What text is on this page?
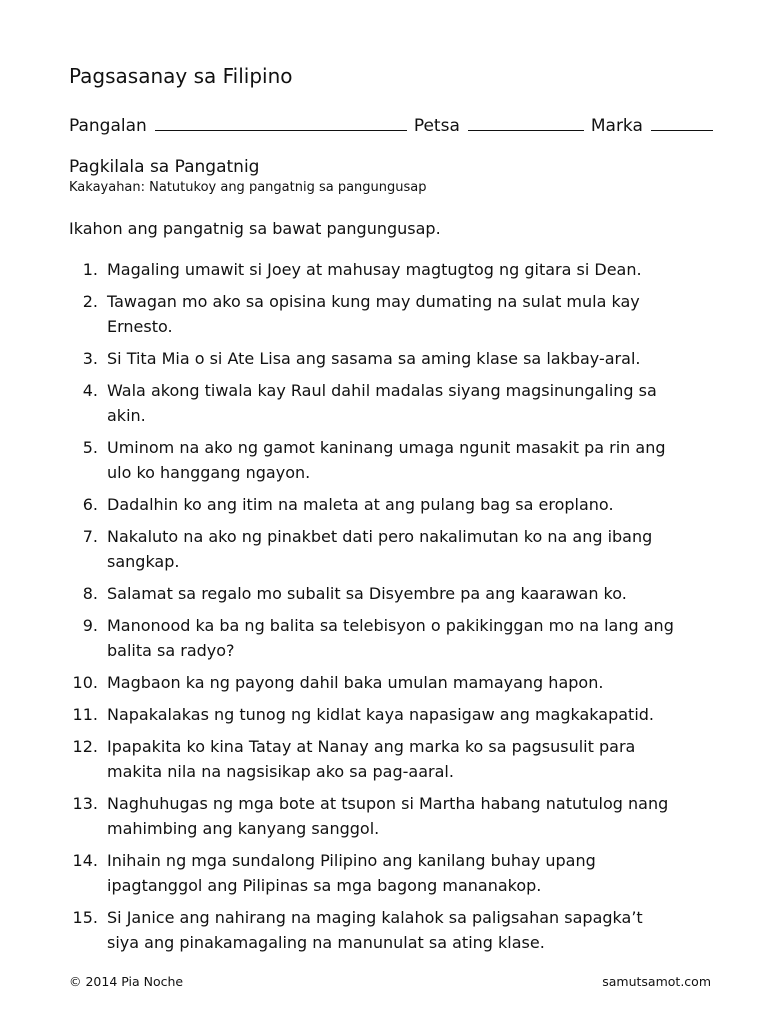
Pagsasanay sa Filipino
Pangalan	Petsa	Marka
Pagkilala sa Pangatnig
Kakayahan: Natutukoy ang pangatnig sa pangungusap
Ikahon ang pangatnig sa bawat pangungusap.
1. Magaling umawit si Joey at mahusay magtugtog ng gitara si Dean.
2. Tawagan mo ako sa opisina kung may dumating na sulat mula kay
Ernesto.
3. Si Tita Mia o si Ate Lisa ang sasama sa aming klase sa lakbay-aral.
4. Wala akong tiwala kay Raul dahil madalas siyang magsinungaling sa
akin.
5. Uminom na ako ng gamot kaninang umaga ngunit masakit pa rin ang
ulo ko hanggang ngayon.
6. Dadalhin ko ang itim na maleta at ang pulang bag sa eroplano.
7. Nakaluto na ako ng pinakbet dati pero nakalimutan ko na ang ibang
sangkap.
8. Salamat sa regalo mo subalit sa Disyembre pa ang kaarawan ko.
9. Manonood ka ba ng balita sa telebisyon o pakikinggan mo na lang ang
balita sa radyo?
10. Magbaon ka ng payong dahil baka umulan mamayang hapon.
11. Napakalakas ng tunog ng kidlat kaya napasigaw ang magkakapatid.
12. Ipapakita ko kina Tatay at Nanay ang marka ko sa pagsusulit para
makita nila na nagsisikap ako sa pag-aaral.
13. Naghuhugas ng mga bote at tsupon si Martha habang natutulog nang
mahimbing ang kanyang sanggol.
14. Inihain ng mga sundalong Pilipino ang kanilang buhay upang
ipagtanggol ang Pilipinas sa mga bagong mananakop.
15. Si Janice ang nahirang na maging kalahok sa paligsahan sapagka’t
siya ang pinakamagaling na manunulat sa ating klase.
© 2014 Pia Noche	samutsamot.com
